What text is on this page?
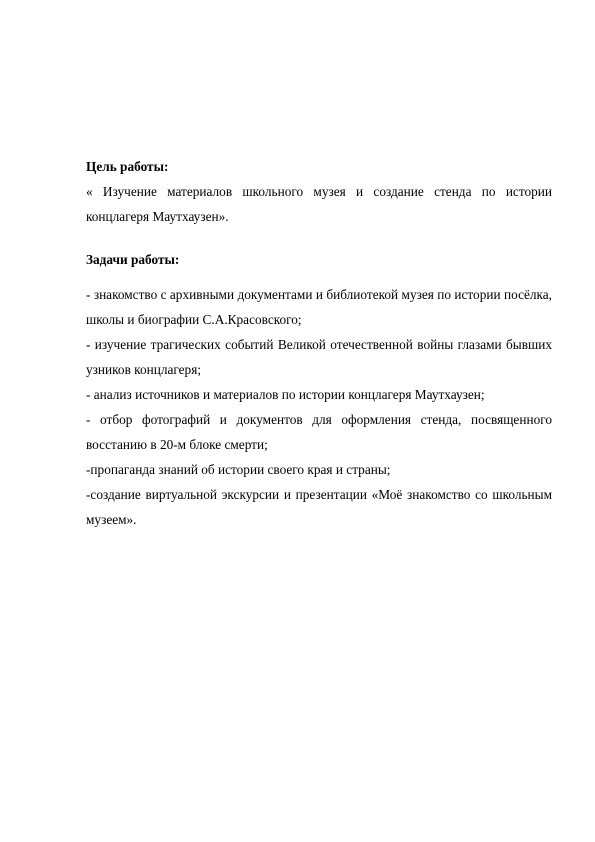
Цель работы:

« Изучение материалов школьного музея и создание стенда по истории концлагеря Маутхаузен».

Задачи работы:

- знакомство с архивными документами и библиотекой музея по истории посёлка, школы и биографии С.А.Красовского;

- изучение трагических событий Великой отечественной войны глазами бывших узников концлагеря;

- анализ источников и материалов по истории концлагеря Маутхаузен;

- отбор фотографий и документов для оформления стенда, посвященного восстанию в 20-м блоке смерти;

-пропаганда знаний об истории своего края и страны;

-создание виртуальной экскурсии и презентации «Моё знакомство со школьным музеем».
